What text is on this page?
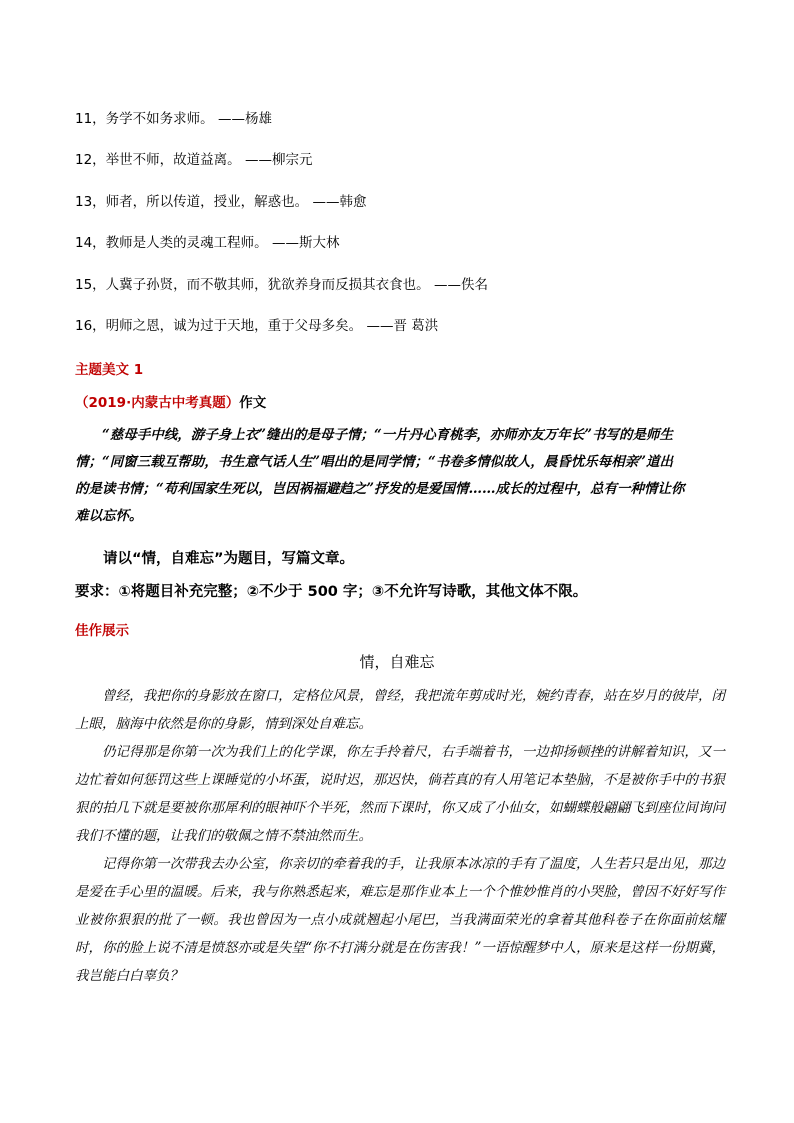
11，务学不如务求师。 ——杨雄
12，举世不师，故道益离。 ——柳宗元
13，师者，所以传道，授业，解惑也。 ——韩愈
14，教师是人类的灵魂工程师。 ——斯大林
15，人冀子孙贤，而不敬其师，犹欲养身而反损其衣食也。 ——佚名
16，明师之恩，诚为过于天地，重于父母多矣。 ——晋 葛洪
主题美文 1
（2019·内蒙古中考真题）作文
“慈母手中线，游子身上衣”缝出的是母子情；“一片丹心育桃李，亦师亦友万年长”书写的是师生
情；“同窗三载互帮助，书生意气话人生”唱出的是同学情；“书卷多情似故人，晨昏忧乐每相亲”道出
的是读书情；“苟利国家生死以，岂因祸福避趋之”抒发的是爱国情……成长的过程中，总有一种情让你
难以忘怀。
请以“情，自难忘”为题目，写篇文章。
要求：①将题目补充完整；②不少于 500 字；③不允许写诗歌，其他文体不限。
佳作展示
情，自难忘

曾经，我把你的身影放在窗口，定格位风景，曾经，我把流年剪成时光，婉约青春，站在岁月的彼岸，闭上眼，脑海中依然是你的身影，情到深处自难忘。

仍记得那是你第一次为我们上的化学课，你左手拎着尺，右手端着书，一边抑扬顿挫的讲解着知识，又一边忙着如何惩罚这些上课睡觉的小坏蛋，说时迟，那迟快，倘若真的有人用笔记本垫脑，不是被你手中的书狠狠的拍几下就是要被你那犀利的眼神吓个半死，然而下课时，你又成了小仙女，如蝴蝶般翩翩飞到座位间询问我们不懂的题，让我们的敬佩之情不禁油然而生。

记得你第一次带我去办公室，你亲切的牵着我的手，让我原本冰凉的手有了温度，人生若只是出见，那边是爱在手心里的温暖。后来，我与你熟悉起来，难忘是那作业本上一个个惟妙惟肖的小哭脸，曾因不好好写作业被你狠狠的批了一顿。我也曾因为一点小成就翘起小尾巴，当我满面荣光的拿着其他科卷子在你面前炫耀时，你的脸上说不清是愤怒亦或是失望“你不打满分就是在伤害我！”一语惊醒梦中人，原来是这样一份期冀，我岂能白白辜负？
